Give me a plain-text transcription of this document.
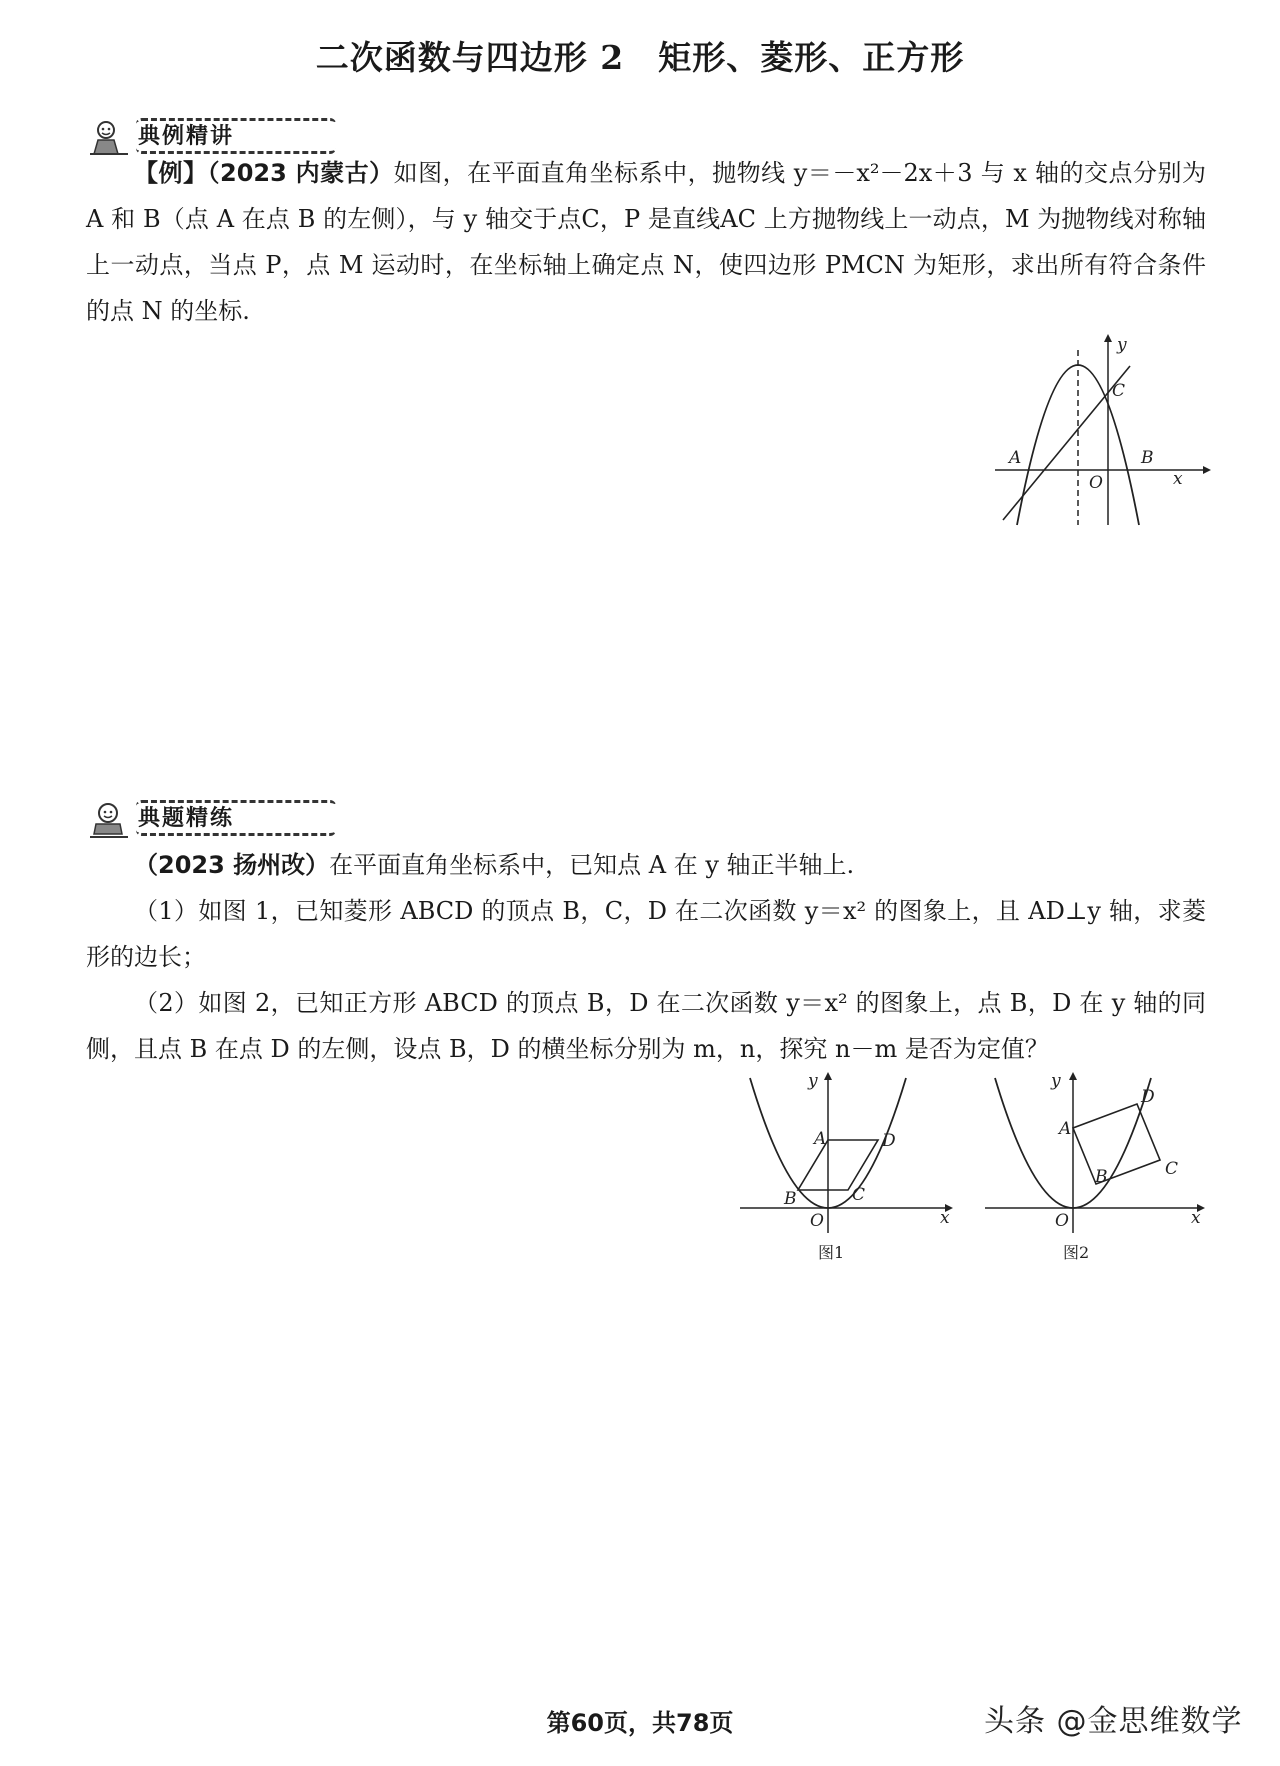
二次函数与四边形 2　矩形、菱形、正方形
典例精讲
【例】（2023 内蒙古）如图，在平面直角坐标系中，抛物线 y＝－x²－2x＋3 与 x 轴的交点分别为 A 和 B（点 A 在点 B 的左侧），与 y 轴交于点C，P 是直线AC 上方抛物线上一动点，M 为抛物线对称轴上一动点，当点 P，点 M 运动时，在坐标轴上确定点 N，使四边形 PMCN 为矩形，求出所有符合条件的点 N 的坐标.
A	B
C
O
y
x
典题精练
（2023 扬州改）在平面直角坐标系中，已知点 A 在 y 轴正半轴上.
（1）如图 1，已知菱形 ABCD 的顶点 B，C，D 在二次函数 y＝x² 的图象上，且 AD⊥y 轴，求菱形的边长；
（2）如图 2，已知正方形 ABCD 的顶点 B，D 在二次函数 y＝x² 的图象上，点 B，D 在 y 轴的同侧，且点 B 在点 D 的左侧，设点 B，D 的横坐标分别为 m，n，探究 n－m 是否为定值？
A
B	C
D
O
y
x
图1
A
B	C
D
O
y
x
图2
第60页，共78页	头条 @金思维数学
